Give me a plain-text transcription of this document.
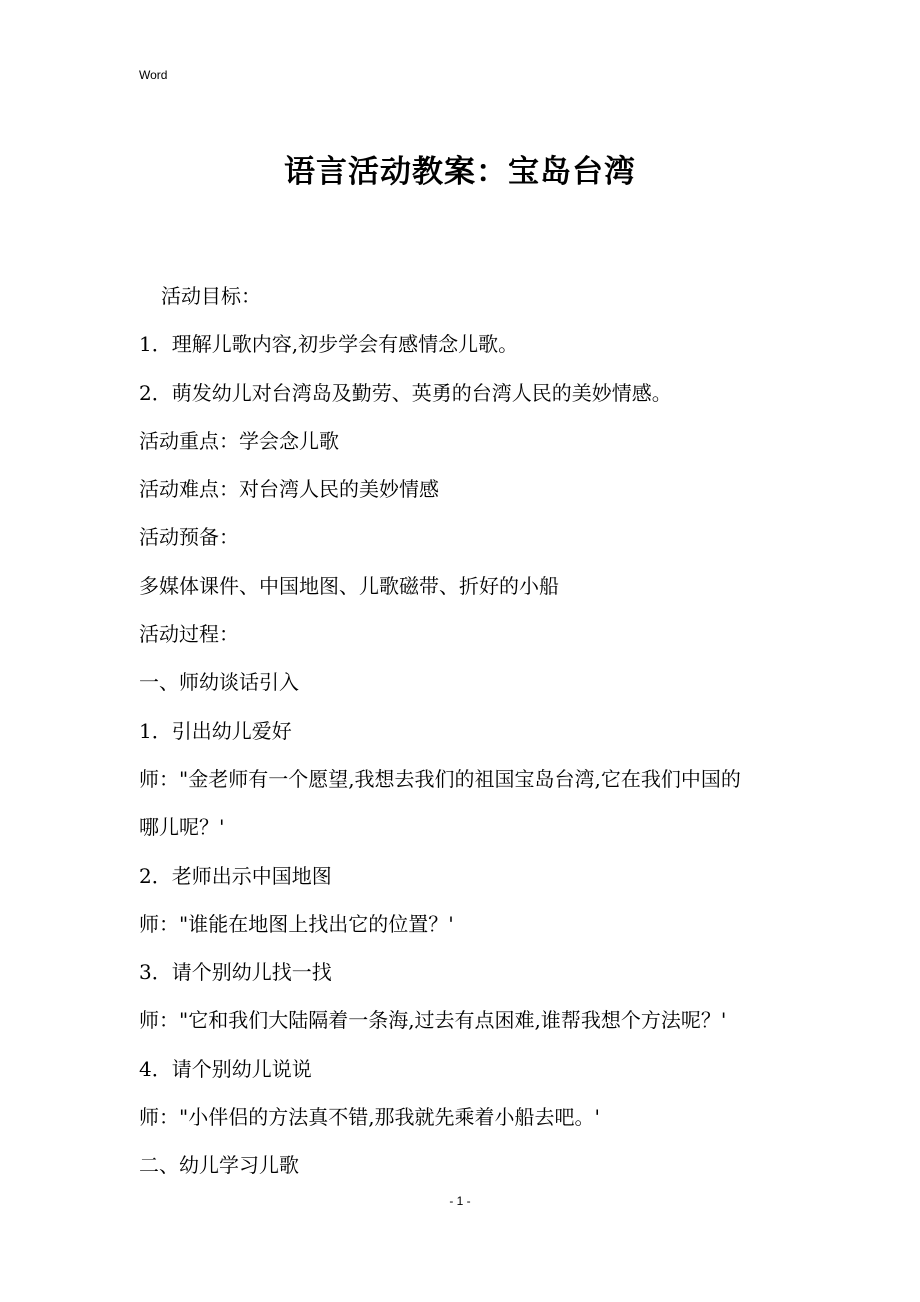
Word
语言活动教案：宝岛台湾
活动目标：
1．理解儿歌内容,初步学会有感情念儿歌。
2．萌发幼儿对台湾岛及勤劳、英勇的台湾人民的美妙情感。
活动重点：学会念儿歌
活动难点：对台湾人民的美妙情感
活动预备：
多媒体课件、中国地图、儿歌磁带、折好的小船
活动过程：
一、师幼谈话引入
1．引出幼儿爱好
师："金老师有一个愿望,我想去我们的祖国宝岛台湾,它在我们中国的
哪儿呢？'
2．老师出示中国地图
师："谁能在地图上找出它的位置？'
3．请个别幼儿找一找
师："它和我们大陆隔着一条海,过去有点困难,谁帮我想个方法呢？'
4．请个别幼儿说说
师："小伴侣的方法真不错,那我就先乘着小船去吧。'
二、幼儿学习儿歌
- 1 -
